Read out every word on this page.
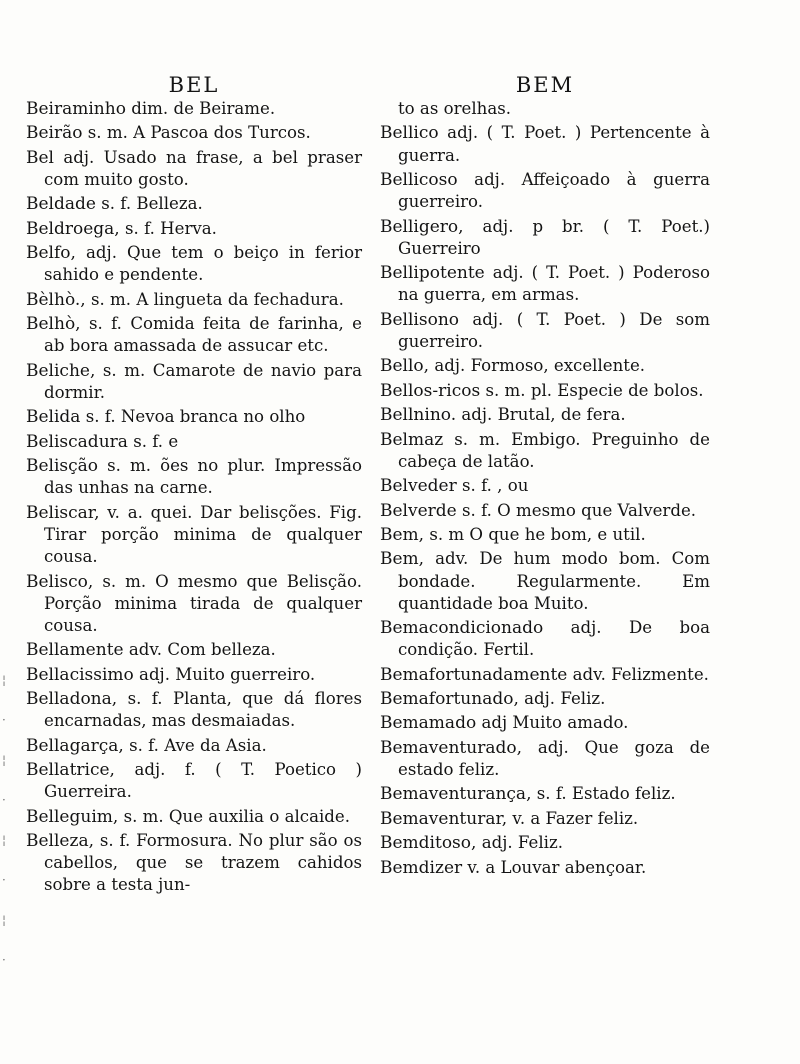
BEL
Beiraminho dim. de Beirame.
Beirão s. m. A Pascoa dos Turcos.
Bel adj. Usado na frase, a bel praser com muito gosto.
Beldade s. f. Belleza.
Beldroega, s. f. Herva.
Belfo, adj. Que tem o beiço in ferior sahido e pendente.
Bèlhò., s. m. A lingueta da fechadura.
Belhò, s. f. Comida feita de farinha, e ab bora amassada de assucar etc.
Beliche, s. m. Camarote de navio para dormir.
Belida s. f. Nevoa branca no olho
Beliscadura s. f. e
Belisção s. m. ões no plur. Impressão das unhas na carne.
Beliscar, v. a. quei. Dar belisções. Fig. Tirar porção minima de qualquer cousa.
Belisco, s. m. O mesmo que Belisção. Porção minima tirada de qualquer cousa.
Bellamente adv. Com belleza.
Bellacissimo adj. Muito guerreiro.
Belladona, s. f. Planta, que dá flores encarnadas, mas desmaiadas.
Bellagarça, s. f. Ave da Asia.
Bellatrice, adj. f. ( T. Poetico ) Guerreira.
Belleguim, s. m. Que auxilia o alcaide.
Belleza, s. f. Formosura. No plur são os cabellos, que se trazem cahidos sobre a testa jun-
BEM
to as orelhas.
Bellico adj. ( T. Poet. ) Pertencente à guerra.
Bellicoso adj. Affeiçoado à guerra guerreiro.
Belligero, adj. p br. ( T. Poet.) Guerreiro
Bellipotente adj. ( T. Poet. ) Poderoso na guerra, em armas.
Bellisono adj. ( T. Poet. ) De som guerreiro.
Bello, adj. Formoso, excellente.
Bellos-ricos s. m. pl. Especie de bolos.
Bellnino. adj. Brutal, de fera.
Belmaz s. m. Embigo. Preguinho de cabeça de latão.
Belveder s. f. , ou
Belverde s. f. O mesmo que Valverde.
Bem, s. m O que he bom, e util.
Bem, adv. De hum modo bom. Com bondade. Regularmente. Em quantidade boa Muito.
Bemacondicionado adj. De boa condição. Fertil.
Bemafortunadamente adv. Felizmente.
Bemafortunado, adj. Feliz.
Bemamado adj Muito amado.
Bemaventurado, adj. Que goza de estado feliz.
Bemaventurança, s. f. Estado feliz.
Bemaventurar, v. a Fazer feliz.
Bemditoso, adj. Feliz.
Bemdizer v. a Louvar abençoar.
¦
·
¦
·
¦
·
¦
·
